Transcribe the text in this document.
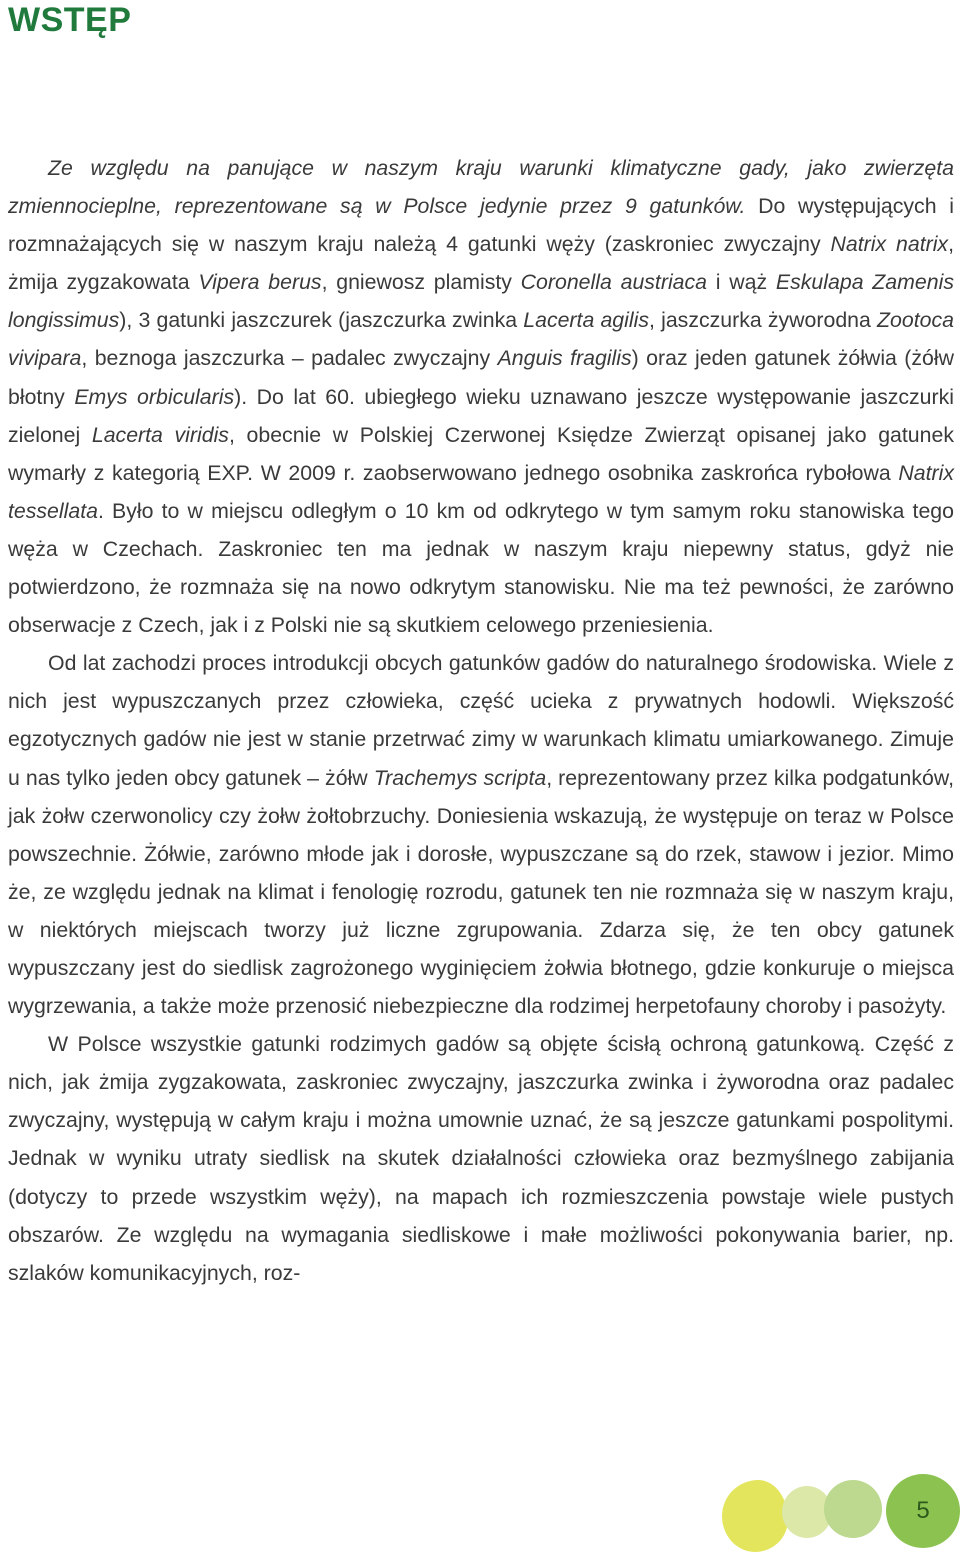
WSTĘP

Ze względu na panujące w naszym kraju warunki klimatyczne gady, jako zwierzęta zmiennocieplne, reprezentowane są w Polsce jedynie przez 9 gatunków. Do występujących i rozmnażających się w naszym kraju należą 4 gatunki węży (zaskroniec zwyczajny Natrix natrix, żmija zygzakowata Vipera berus, gniewosz plamisty Coronella austriaca i wąż Eskulapa Zamenis longissimus), 3 gatunki jaszczurek (jaszczurka zwinka Lacerta agilis, jaszczurka żyworodna Zootoca vivipara, beznoga jaszczurka – padalec zwyczajny Anguis fragilis) oraz jeden gatunek żółwia (żółw błotny Emys orbicularis). Do lat 60. ubiegłego wieku uznawano jeszcze występowanie jaszczurki zielonej Lacerta viridis, obecnie w Polskiej Czerwonej Księdze Zwierząt opisanej jako gatunek wymarły z kategorią EXP. W 2009 r. zaobserwowano jednego osobnika zaskrońca rybołowa Natrix tessellata. Było to w miejscu odległym o 10 km od odkrytego w tym samym roku stanowiska tego węża w Czechach. Zaskroniec ten ma jednak w naszym kraju niepewny status, gdyż nie potwierdzono, że rozmnaża się na nowo odkrytym stanowisku. Nie ma też pewności, że zarówno obserwacje z Czech, jak i z Polski nie są skutkiem celowego przeniesienia.

Od lat zachodzi proces introdukcji obcych gatunków gadów do naturalnego środowiska. Wiele z nich jest wypuszczanych przez człowieka, część ucieka z prywatnych hodowli. Większość egzotycznych gadów nie jest w stanie przetrwać zimy w warunkach klimatu umiarkowanego. Zimuje u nas tylko jeden obcy gatunek – żółw Trachemys scripta, reprezentowany przez kilka podgatunków, jak żołw czerwonolicy czy żołw żołtobrzuchy. Doniesienia wskazują, że występuje on teraz w Polsce powszechnie. Żółwie, zarówno młode jak i dorosłe, wypuszczane są do rzek, stawow i jezior. Mimo że, ze względu jednak na klimat i fenologię rozrodu, gatunek ten nie rozmnaża się w naszym kraju, w niektórych miejscach tworzy już liczne zgrupowania. Zdarza się, że ten obcy gatunek wypuszczany jest do siedlisk zagrożonego wyginięciem żołwia błotnego, gdzie konkuruje o miejsca wygrzewania, a także może przenosić niebezpieczne dla rodzimej herpetofauny choroby i pasożyty.

W Polsce wszystkie gatunki rodzimych gadów są objęte ścisłą ochroną gatunkową. Część z nich, jak żmija zygzakowata, zaskroniec zwyczajny, jaszczurka zwinka i żyworodna oraz padalec zwyczajny, występują w całym kraju i można umownie uznać, że są jeszcze gatunkami pospolitymi. Jednak w wyniku utraty siedlisk na skutek działalności człowieka oraz bezmyślnego zabijania (dotyczy to przede wszystkim węży), na mapach ich rozmieszczenia powstaje wiele pustych obszarów. Ze względu na wymagania siedliskowe i małe możliwości pokonywania barier, np. szlaków komunikacyjnych, roz-

5
